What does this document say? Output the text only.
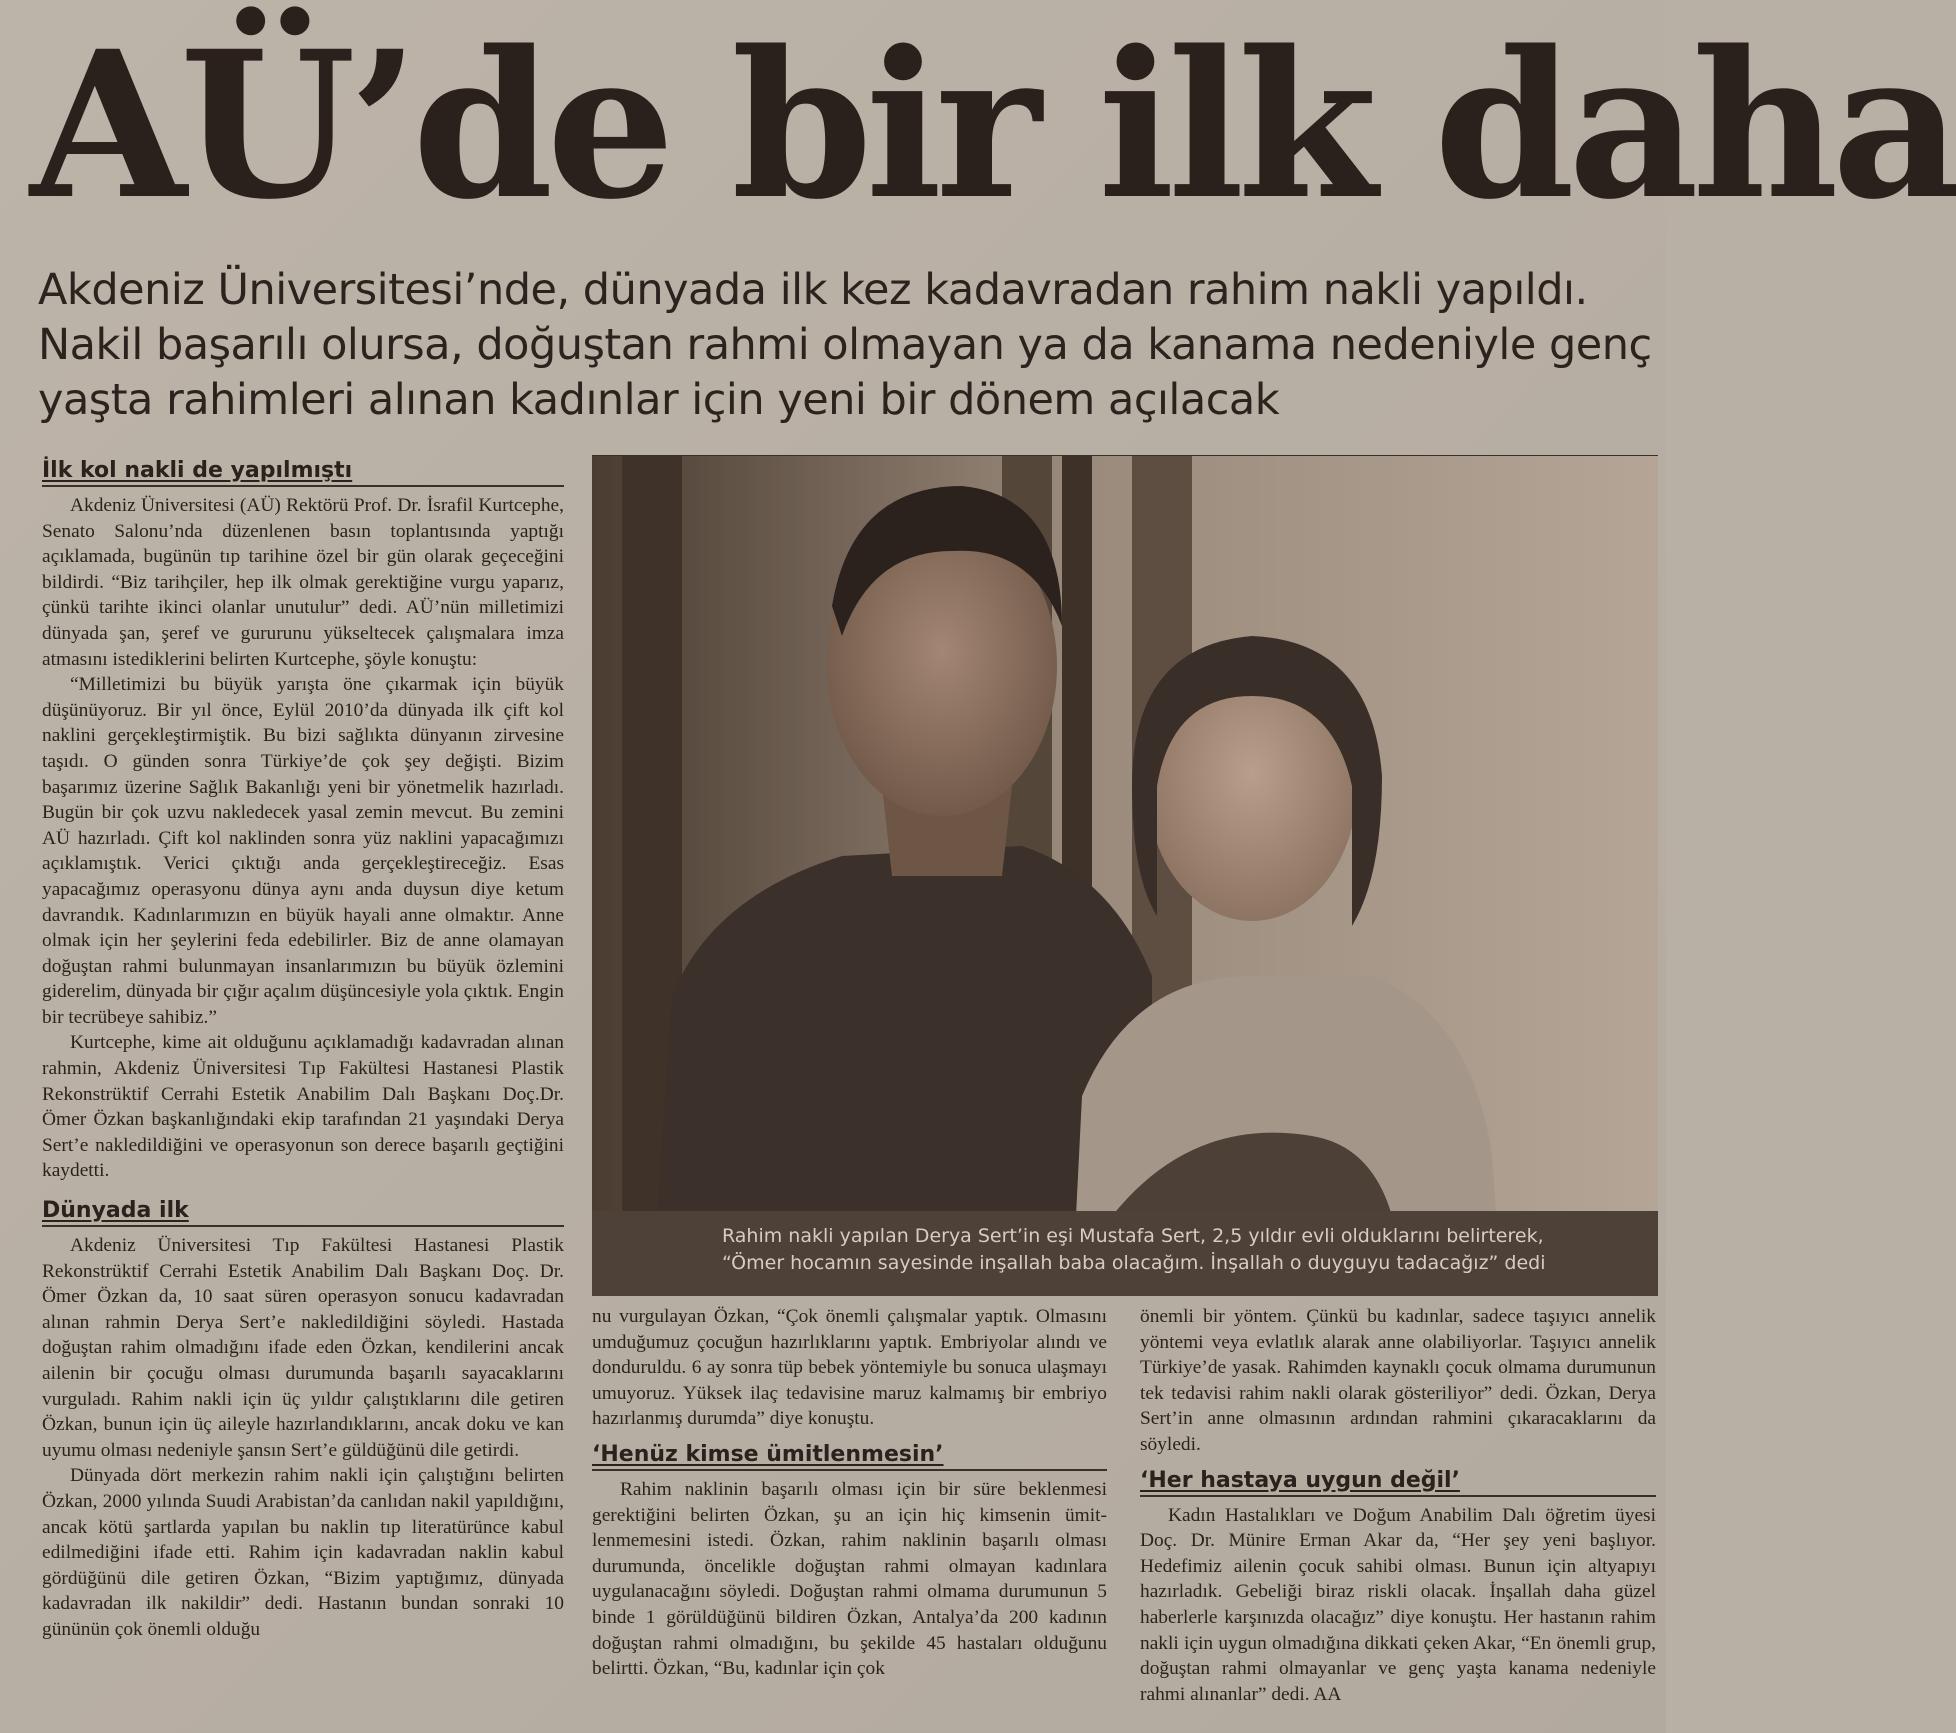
AÜ’de bir ilk daha
Akdeniz Üniversitesi’nde, dünyada ilk kez kadavradan rahim nakli yapıldı. Nakil başarılı olursa, doğuştan rahmi olmayan ya da kanama nedeniyle genç yaşta rahimleri alınan kadınlar için yeni bir dönem açılacak
İlk kol nakli de yapılmıştı

Akdeniz Üniversitesi (AÜ) Rektörü Prof. Dr. İsrafil Kurtcephe, Senato Salonu’nda düzenlenen basın toplantısında yaptığı açıklamada, bugünün tıp tarihine özel bir gün olarak geçeceğini bildirdi. “Biz tarihçiler, hep ilk olmak gerektiğine vurgu yaparız, çünkü tarihte ikinci olanlar unutulur” dedi. AÜ’nün milletimizi dünyada şan, şeref ve gururunu yükseltecek çalışmalara imza atmasını istediklerini belirten Kurtcephe, şöyle konuştu:

“Milletimizi bu büyük yarışta öne çıkarmak için büyük düşünüyoruz. Bir yıl önce, Eylül 2010’da dünyada ilk çift kol naklini gerçekleştirmiştik. Bu bizi sağlıkta dünyanın zirvesine taşıdı. O günden sonra Türkiye’de çok şey değişti. Bizim başarımız üzerine Sağlık Bakanlığı yeni bir yönetmelik hazırladı. Bugün bir çok uzvu nakledecek yasal zemin mevcut. Bu zemini AÜ hazırladı. Çift kol naklinden sonra yüz naklini yapacağımızı açıklamıştık. Verici çıktığı anda gerçekleştireceğiz. Esas yapacağımız operasyonu dünya aynı anda duysun diye ketum davrandık. Kadınlarımızın en büyük hayali anne olmaktır. Anne olmak için her şeylerini feda edebilirler. Biz de anne olamayan doğuştan rahmi bulunmayan insanlarımızın bu büyük özlemini giderelim, dünyada bir çığır açalım düşüncesiyle yola çıktık. Engin bir tecrübeye sahibiz.”

Kurtcephe, kime ait olduğunu açıklamadığı kadavradan alınan rahmin, Akdeniz Üniversitesi Tıp Fakültesi Hastanesi Plastik Rekonstrüktif Cerrahi Estetik Anabilim Dalı Başkanı Doç.Dr. Ömer Özkan başkanlığındaki ekip tarafından 21 yaşındaki Derya Sert’e nakledildiğini ve operasyonun son derece başarılı geçtiğini kaydetti.

Dünyada ilk

Akdeniz Üniversitesi Tıp Fakültesi Hastanesi Plastik Rekonstrüktif Cerrahi Estetik Anabilim Dalı Başkanı Doç. Dr. Ömer Özkan da, 10 saat süren operasyon sonucu kadavradan alınan rahmin Derya Sert’e nakledildiğini söyledi. Hastada doğuştan rahim olmadığını ifade eden Özkan, kendilerini ancak ailenin bir çocuğu olması durumunda başarılı sayacaklarını vurguladı. Rahim nakli için üç yıldır çalıştıklarını dile getiren Özkan, bunun için üç aileyle hazırlandıklarını, ancak doku ve kan uyumu olması nedeniyle şansın Sert’e güldüğünü dile getirdi.

Dünyada dört merkezin rahim nakli için çalıştığını belirten Özkan, 2000 yılında Suudi Arabistan’da canlıdan nakil yapıldığını, ancak kötü şartlarda yapılan bu naklin tıp literatürünce kabul edilmediğini ifade etti. Rahim için kadavradan naklin kabul gördüğünü dile getiren Özkan, “Bizim yaptığımız, dünyada kadavradan ilk nakildir” dedi. Hastanın bundan sonraki 10 gününün çok önemli olduğu

Rahim nakli yapılan Derya Sert’in eşi Mustafa Sert, 2,5 yıldır evli olduklarını belirterek,
“Ömer hocamın sayesinde inşallah baba olacağım. İnşallah o duyguyu tadacağız” dedi

nu vurgulayan Özkan, “Çok önemli çalışmalar yaptık. Olmasını umduğumuz çocuğun hazırlıklarını yaptık. Embriyolar alındı ve donduruldu. 6 ay sonra tüp bebek yöntemiyle bu sonuca ulaşmayı umuyoruz. Yüksek ilaç tedavisine maruz kalmamış bir embriyo hazırlanmış durumda” diye konuştu.

‘Henüz kimse ümitlenmesin’

Rahim naklinin başarılı olması için bir süre beklenmesi gerektiğini belirten Özkan, şu an için hiç kimsenin ümitlenmemesini istedi. Özkan, rahim naklinin başarılı olması durumunda, öncelikle doğuştan rahmi olmayan kadınlara uygulanacağını söyledi. Doğuştan rahmi olmama durumunun 5 binde 1 görüldüğünü bildiren Özkan, Antalya’da 200 kadının doğuştan rahmi olmadığını, bu şekilde 45 hastaları olduğunu belirtti. Özkan, “Bu, kadınlar için çok

önemli bir yöntem. Çünkü bu kadınlar, sadece taşıyıcı annelik yöntemi veya evlatlık alarak anne olabiliyorlar. Taşıyıcı annelik Türkiye’de yasak. Rahimden kaynaklı çocuk olmama durumunun tek tedavisi rahim nakli olarak gösteriliyor” dedi. Özkan, Derya Sert’in anne olmasının ardından rahmini çıkaracaklarını da söyledi.

‘Her hastaya uygun değil’

Kadın Hastalıkları ve Doğum Anabilim Dalı öğretim üyesi Doç. Dr. Münire Erman Akar da, “Her şey yeni başlıyor. Hedefimiz ailenin çocuk sahibi olması. Bunun için altyapıyı hazırladık. Gebeliği biraz riskli olacak. İnşallah daha güzel haberlerle karşınızda olacağız” diye konuştu. Her hastanın rahim nakli için uygun olmadığına dikkati çeken Akar, “En önemli grup, doğuştan rahmi olmayanlar ve genç yaşta kanama nedeniyle rahmi alınanlar” dedi. AA
